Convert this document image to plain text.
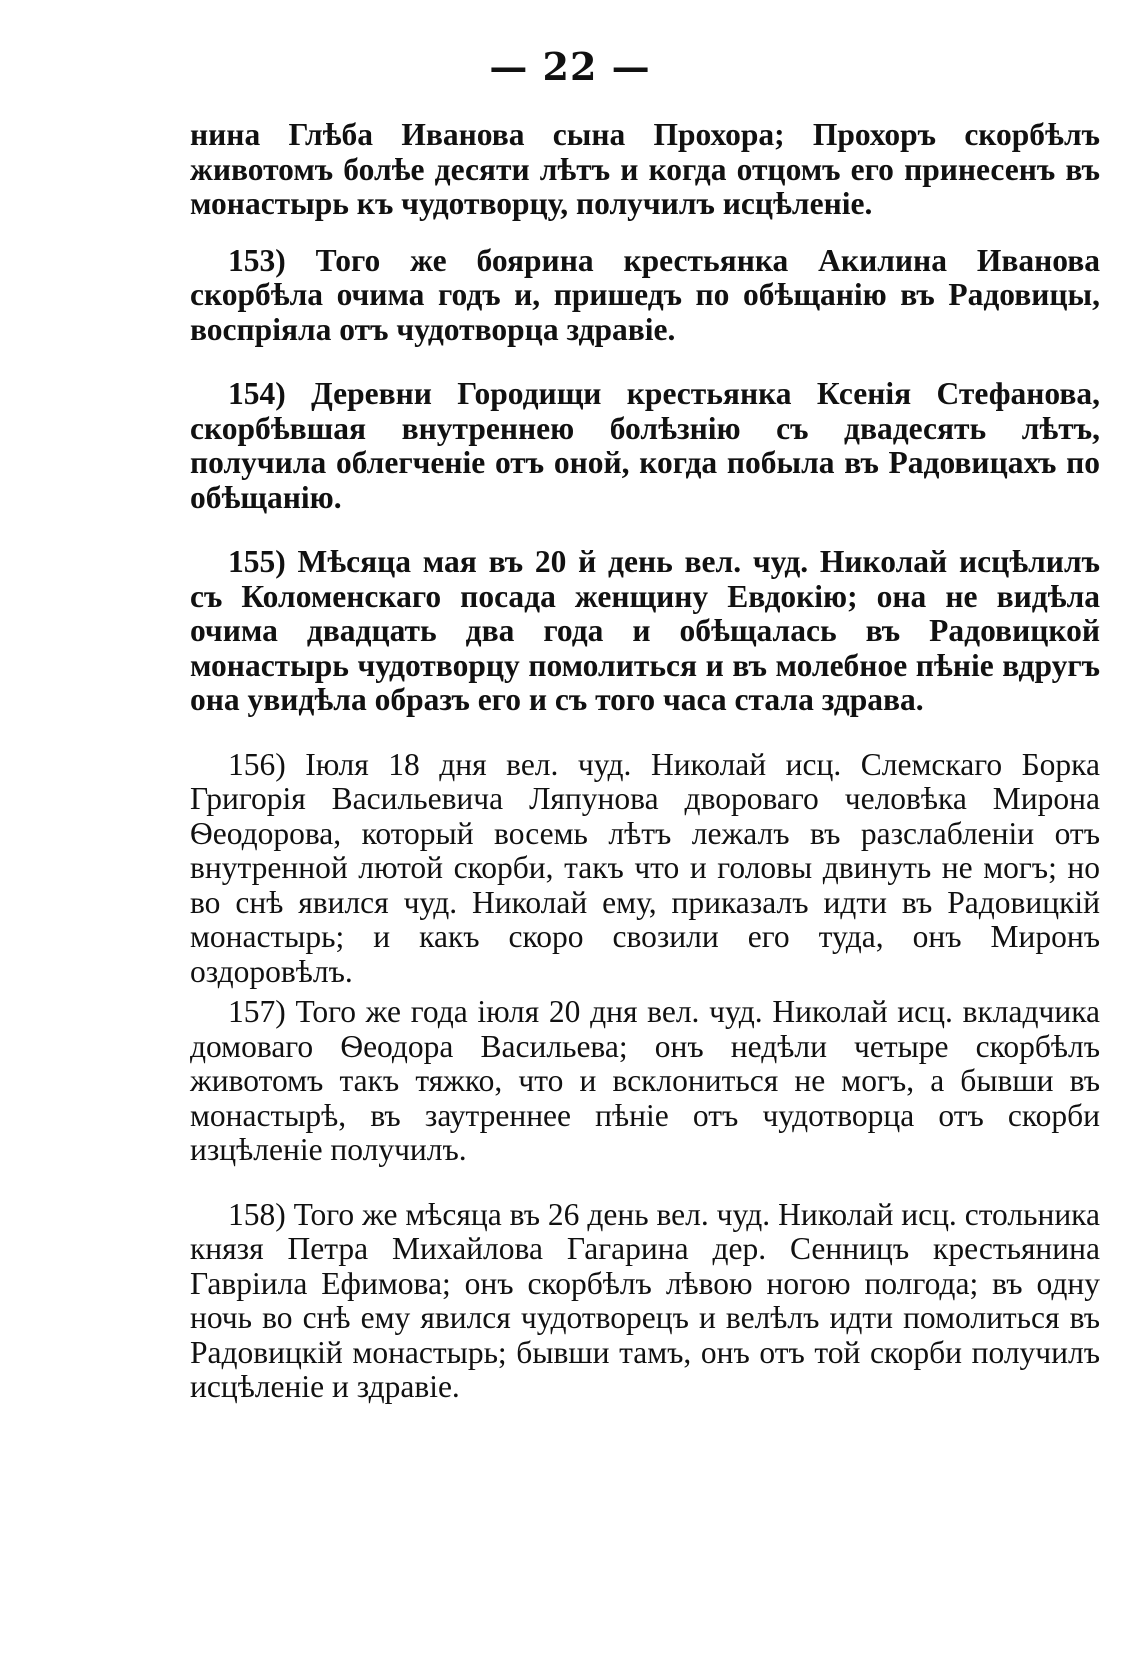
— 22 —

нина Глѣба Иванова сына Прохора; Прохоръ скорбѣлъ животомъ болѣе десяти лѣтъ и когда отцомъ его принесенъ въ монастырь къ чудотворцу, получилъ исцѣленіе.

153) Того же боярина крестьянка Акилина Иванова скорбѣла очима годъ и, пришедъ по обѣщанію въ Радовицы, воспріяла отъ чудотворца здравіе.

154) Деревни Городищи крестьянка Ксенія Стефанова, скорбѣвшая внутреннею болѣзнію съ двадесять лѣтъ, получила облегченіе отъ оной, когда побыла въ Радовицахъ по обѣщанію.

155) Мѣсяца мая въ 20 й день вел. чуд. Николай исцѣлилъ съ Коломенскаго посада женщину Евдокію; она не видѣла очима двадцать два года и обѣщалась въ Радовицкой монастырь чудотворцу помолиться и въ молебное пѣніе вдругъ она увидѣла образъ его и съ того часа стала здрава.

156) Іюля 18 дня вел. чуд. Николай исц. Слемскаго Борка Григорія Васильевича Ляпунова двороваго человѣка Мирона Ѳеодорова, который восемь лѣтъ лежалъ въ разслабленіи отъ внутренной лютой скорби, такъ что и головы двинуть не могъ; но во снѣ явился чуд. Николай ему, приказалъ идти въ Радовицкій монастырь; и какъ скоро свозили его туда, онъ Миронъ оздоровѣлъ.

157) Того же года іюля 20 дня вел. чуд. Николай исц. вкладчика домоваго Ѳеодора Васильева; онъ недѣли четыре скорбѣлъ животомъ такъ тяжко, что и всклониться не могъ, а бывши въ монастырѣ, въ заутреннее пѣніе отъ чудотворца отъ скорби изцѣленіе получилъ.

158) Того же мѣсяца въ 26 день вел. чуд. Николай исц. стольника князя Петра Михайлова Гагарина дер. Сенницъ крестьянина Гавріила Ефимова; онъ скорбѣлъ лѣвою ногою полгода; въ одну ночь во снѣ ему явился чудотворецъ и велѣлъ идти помолиться въ Радовицкій монастырь; бывши тамъ, онъ отъ той скорби получилъ исцѣленіе и здравіе.
